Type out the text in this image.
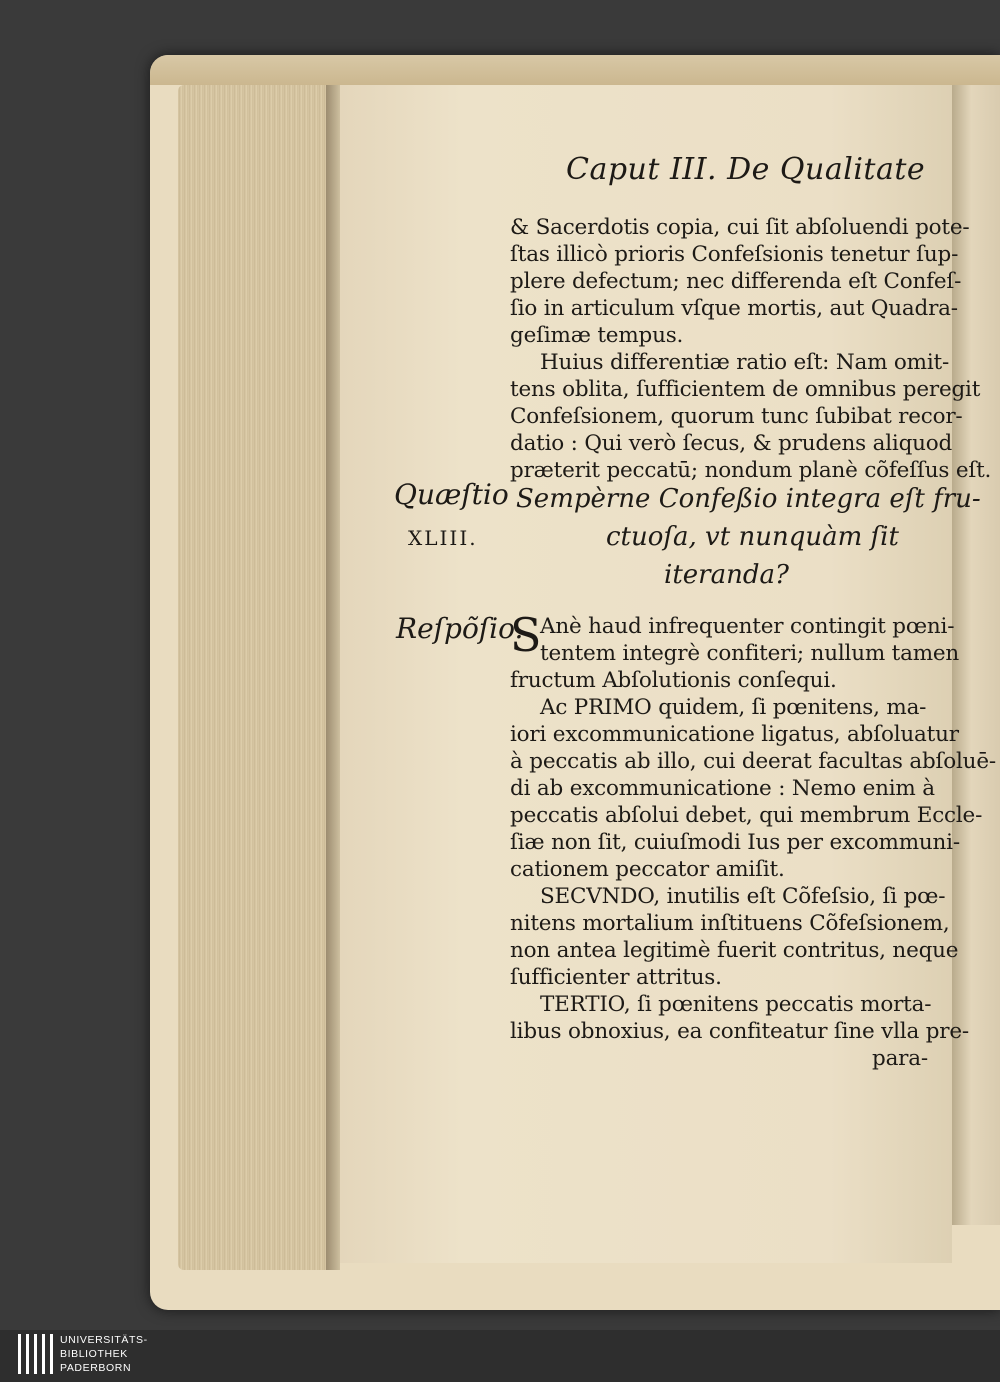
Caput III. De Qualitate
& Sacerdotis copia, cui ſit abſoluendi pote-
ſtas illicò prioris Confeſsionis tenetur ſup-
plere defectum; nec differenda eſt Confeſ-
ſio in articulum vſque mortis, aut Quadra-
geſimæ tempus.
Huius differentiæ ratio eſt: Nam omit-
tens oblita, ſufficientem de omnibus peregit
Confeſsionem, quorum tunc ſubibat recor-
datio : Qui verò ſecus, & prudens aliquod
præterit peccatū; nondum planè cõfeſſus eſt.
Quæſtio
XLIII.
Sempèrne Confeßio integra eſt fru-
ctuoſa, vt nunquàm ſit
iteranda?
Reſpõſio.
S
Anè haud infrequenter contingit pœni-
tentem integrè confiteri; nullum tamen
fructum Abſolutionis conſequi.
Ac PRIMO quidem, ſi pœnitens, ma-
iori excommunicatione ligatus, abſoluatur
à peccatis ab illo, cui deerat facultas abſoluē-
di ab excommunicatione : Nemo enim à
peccatis abſolui debet, qui membrum Eccle-
ſiæ non ſit, cuiuſmodi Ius per excommuni-
cationem peccator amiſit.
SECVNDO, inutilis eſt Cõfeſsio, ſi pœ-
nitens mortalium inſtituens Cõfeſsionem,
non antea legitimè fuerit contritus, neque
ſufficienter attritus.
TERTIO, ſi pœnitens peccatis morta-
libus obnoxius, ea confiteatur ſine vlla pre-
para-
UNIVERSITÄTS-
BIBLIOTHEK
PADERBORN
